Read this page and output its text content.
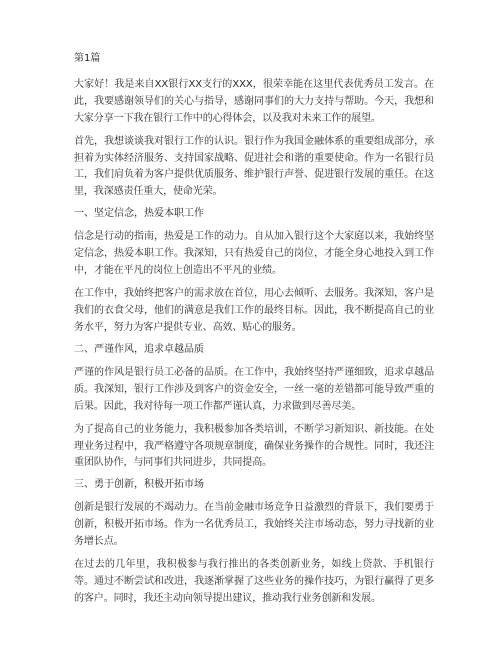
第1篇
大家好！我是来自XX银行XX支行的XXX，很荣幸能在这里代表优秀员工发言。在此，我要感谢领导们的关心与指导，感谢同事们的大力支持与帮助。今天，我想和大家分享一下我在银行工作中的心得体会，以及我对未来工作的展望。
首先，我想谈谈我对银行工作的认识。银行作为我国金融体系的重要组成部分，承担着为实体经济服务、支持国家战略、促进社会和谐的重要使命。作为一名银行员工，我们肩负着为客户提供优质服务、维护银行声誉、促进银行发展的重任。在这里，我深感责任重大，使命光荣。
一、坚定信念，热爱本职工作
信念是行动的指南，热爱是工作的动力。自从加入银行这个大家庭以来，我始终坚定信念，热爱本职工作。我深知，只有热爱自己的岗位，才能全身心地投入到工作中，才能在平凡的岗位上创造出不平凡的业绩。
在工作中，我始终把客户的需求放在首位，用心去倾听、去服务。我深知，客户是我们的衣食父母，他们的满意是我们工作的最终目标。因此，我不断提高自己的业务水平，努力为客户提供专业、高效、贴心的服务。
二、严谨作风，追求卓越品质
严谨的作风是银行员工必备的品质。在工作中，我始终坚持严谨细致，追求卓越品质。我深知，银行工作涉及到客户的资金安全，一丝一毫的差错都可能导致严重的后果。因此，我对待每一项工作都严谨认真，力求做到尽善尽美。
为了提高自己的业务能力，我积极参加各类培训，不断学习新知识、新技能。在处理业务过程中，我严格遵守各项规章制度，确保业务操作的合规性。同时，我还注重团队协作，与同事们共同进步，共同提高。
三、勇于创新，积极开拓市场
创新是银行发展的不竭动力。在当前金融市场竞争日益激烈的背景下，我们要勇于创新，积极开拓市场。作为一名优秀员工，我始终关注市场动态，努力寻找新的业务增长点。
在过去的几年里，我积极参与我行推出的各类创新业务，如线上贷款、手机银行等。通过不断尝试和改进，我逐渐掌握了这些业务的操作技巧，为银行赢得了更多的客户。同时，我还主动向领导提出建议，推动我行业务创新和发展。
